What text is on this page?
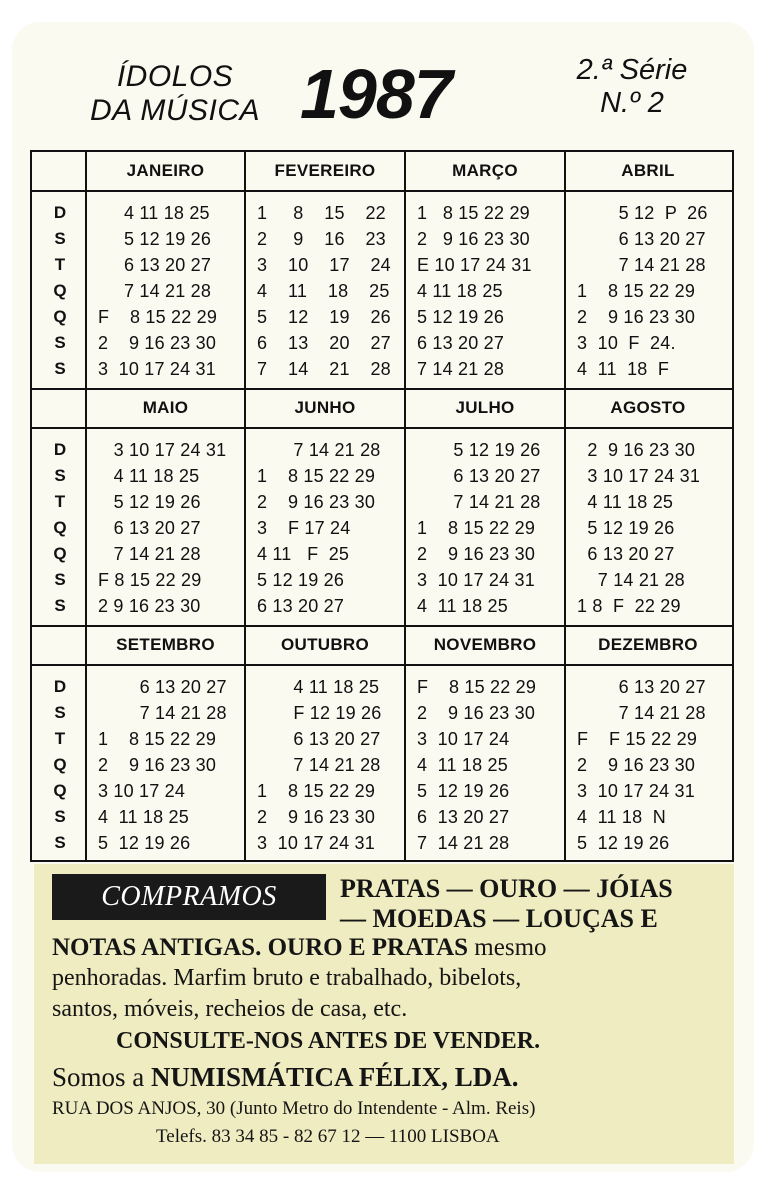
ÍDOLOS
DA MÚSICA 1987	2.ª Série
N.º 2
D
S
T
Q
Q
S
S
JANEIRO
4 11 18 25
5 12 19 26
6 13 20 27
7 14 21 28
F    8 15 22 29
2    9 16 23 30
3  10 17 24 31
FEVEREIRO
1     8    15    22
2     9    16    23
3    10    17    24
4    11    18    25
5    12    19    26
6    13    20    27
7    14    21    28
MARÇO
1   8 15 22 29
2   9 16 23 30
E 10 17 24 31
4 11 18 25
5 12 19 26
6 13 20 27
7 14 21 28
ABRIL
5 12  P  26
6 13 20 27
7 14 21 28
1    8 15 22 29
2    9 16 23 30
3  10  F  24.
4  11  18  F
D
S
T
Q
Q
S
S
MAIO
3 10 17 24 31
4 11 18 25
5 12 19 26
6 13 20 27
7 14 21 28
F 8 15 22 29
2 9 16 23 30
JUNHO
7 14 21 28
1    8 15 22 29
2    9 16 23 30
3    F 17 24
4 11   F  25
5 12 19 26
6 13 20 27
JULHO
5 12 19 26
6 13 20 27
7 14 21 28
1    8 15 22 29
2    9 16 23 30
3  10 17 24 31
4  11 18 25
AGOSTO
2  9 16 23 30
3 10 17 24 31
4 11 18 25
5 12 19 26
6 13 20 27
7 14 21 28
1 8  F  22 29
D
S
T
Q
Q
S
S
SETEMBRO
6 13 20 27
7 14 21 28
1    8 15 22 29
2    9 16 23 30
3 10 17 24
4  11 18 25
5  12 19 26
OUTUBRO
4 11 18 25
F 12 19 26
6 13 20 27
7 14 21 28
1    8 15 22 29
2    9 16 23 30
3  10 17 24 31
NOVEMBRO
F    8 15 22 29
2    9 16 23 30
3  10 17 24
4  11 18 25
5  12 19 26
6  13 20 27
7  14 21 28
DEZEMBRO
6 13 20 27
7 14 21 28
F    F 15 22 29
2    9 16 23 30
3  10 17 24 31
4  11 18  N
5  12 19 26
COMPRAMOS	PRATAS — OURO — JÓIAS
— MOEDAS — LOUÇAS E
NOTAS ANTIGAS. OURO E PRATAS mesmo
penhoradas. Marfim bruto e trabalhado, bibelots,
santos, móveis, recheios de casa, etc.
CONSULTE-NOS ANTES DE VENDER.
Somos a NUMISMÁTICA FÉLIX, LDA.
RUA DOS ANJOS, 30 (Junto Metro do Intendente - Alm. Reis)
Telefs. 83 34 85 - 82 67 12 — 1100 LISBOA
